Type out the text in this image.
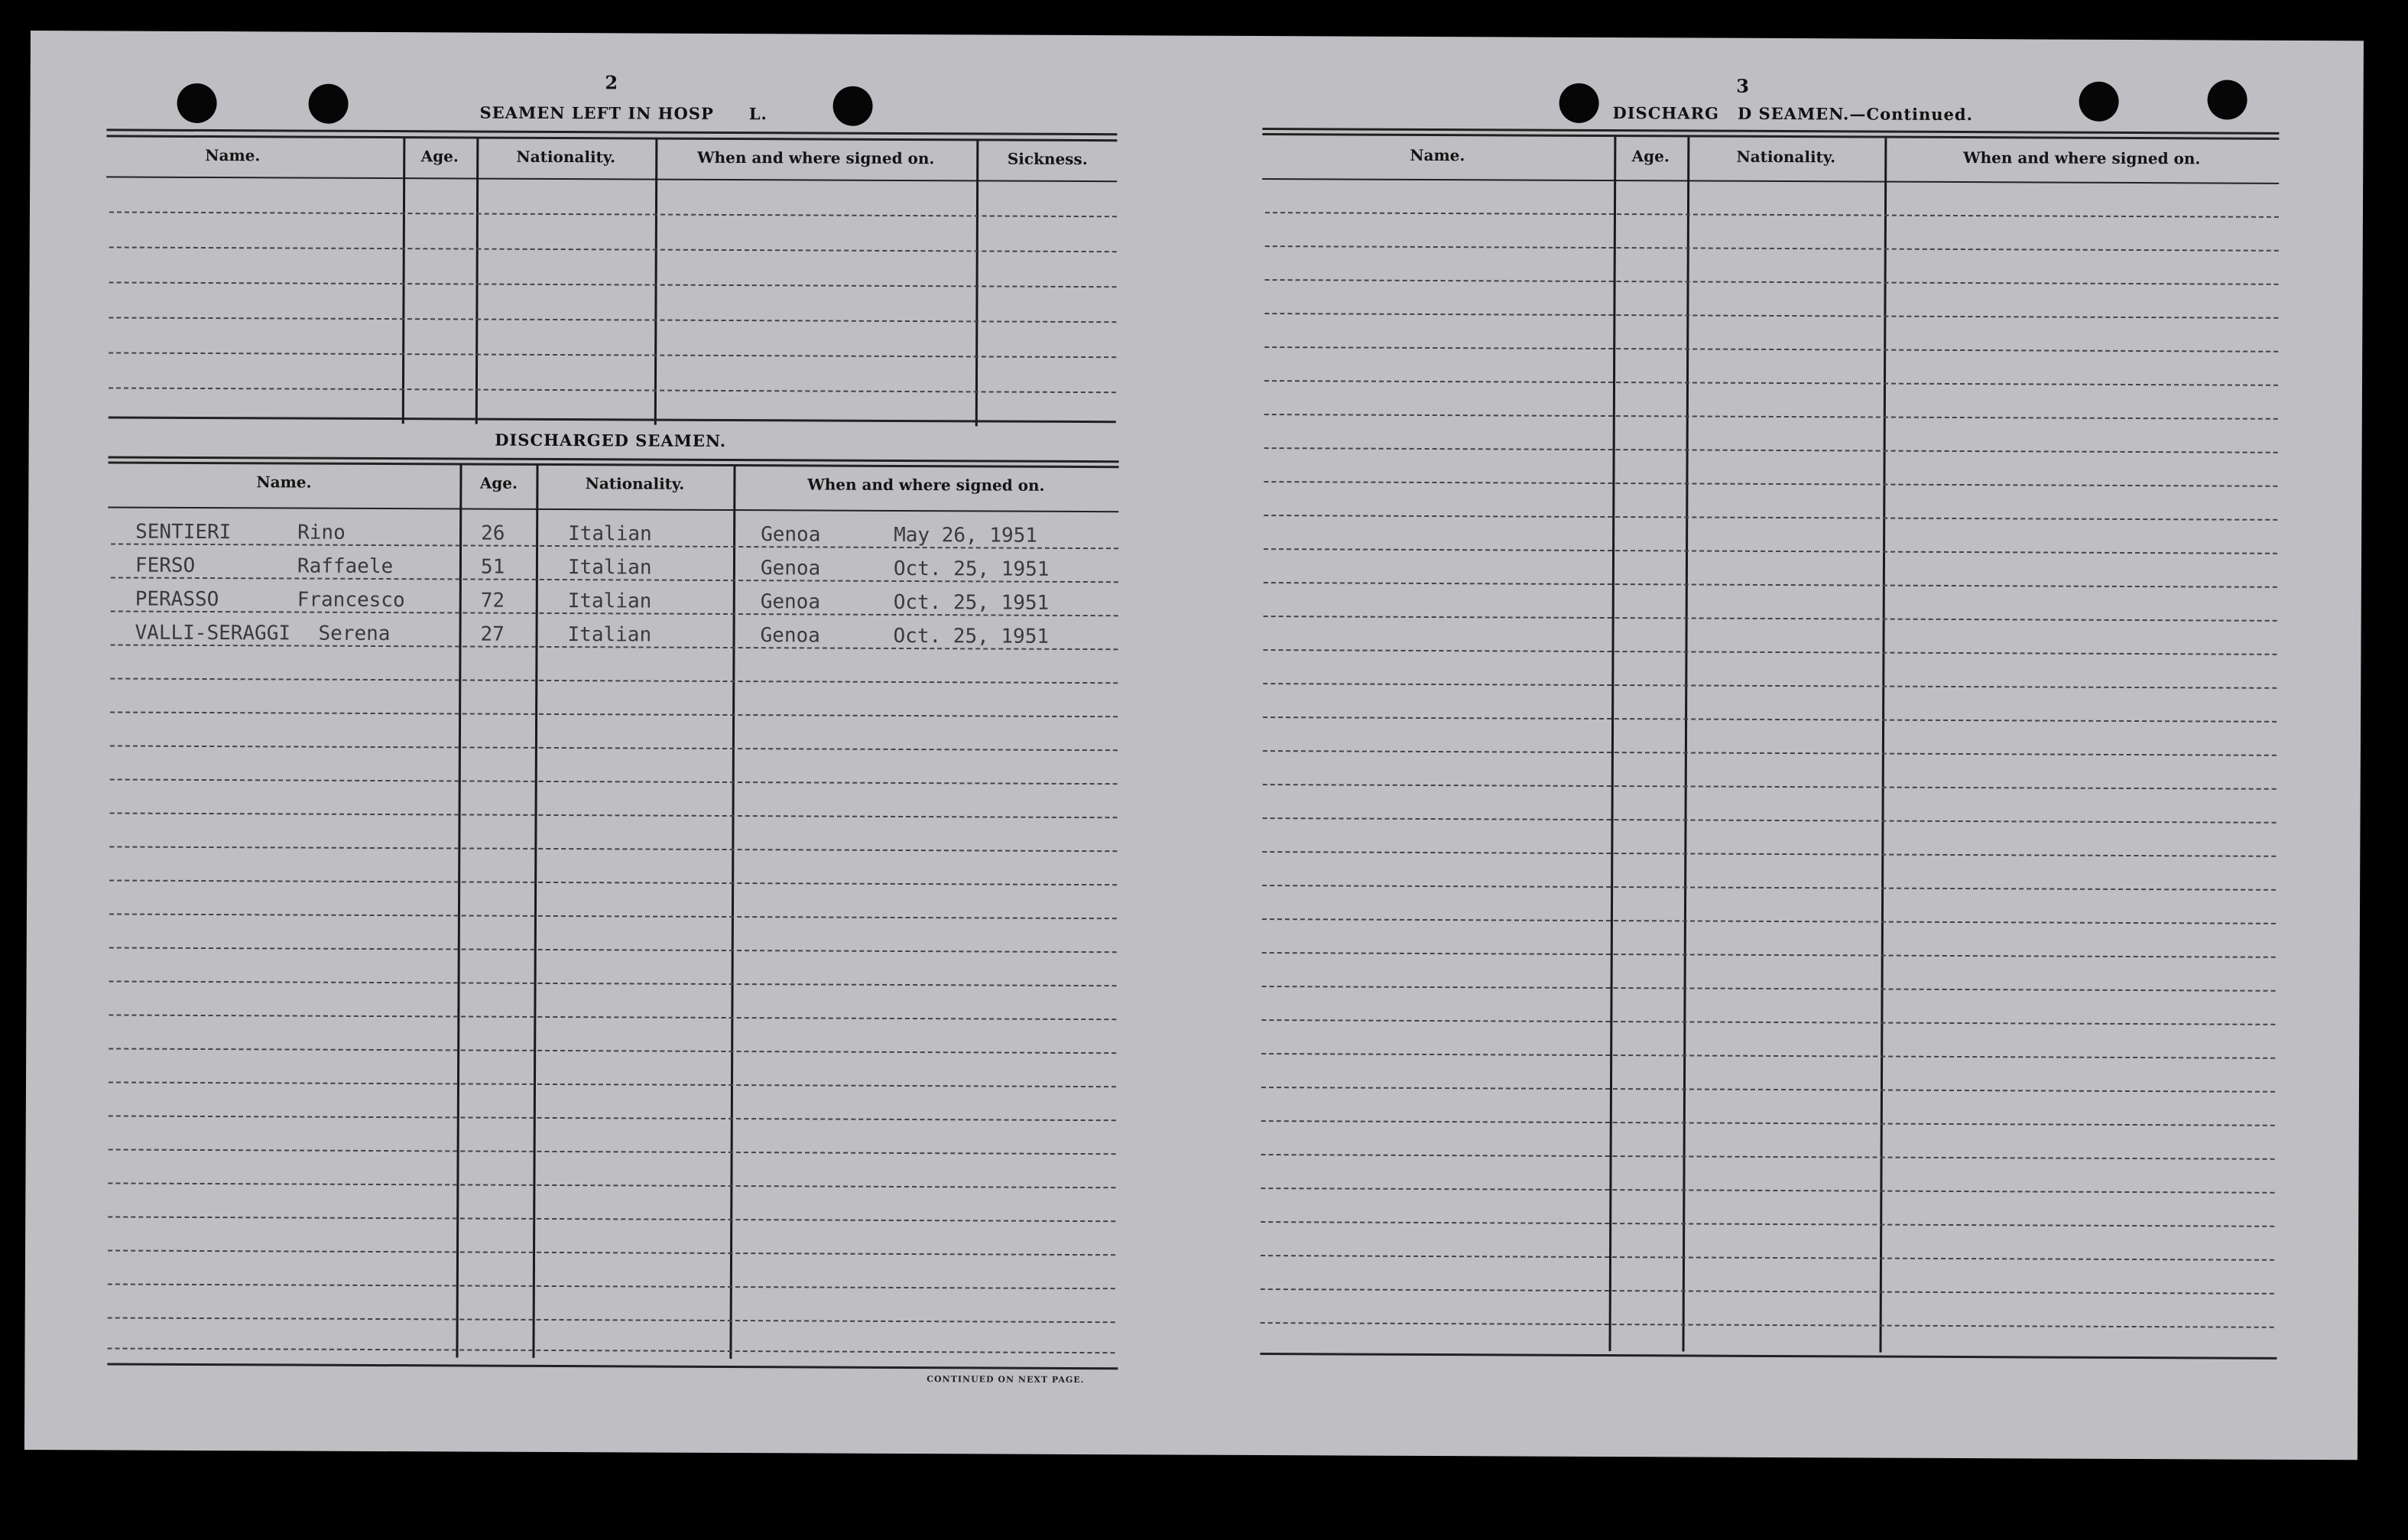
2
SEAMEN LEFT IN HOSP L.
Name.	Age.	Nationality.	When and where signed on.	Sickness.
DISCHARGED SEAMEN.
Name.	Age.	Nationality.	When and where signed on.
SENTIERI	Rino	26	Italian	Genoa	May 26, 1951
FERSO	Raffaele	51	Italian	Genoa	Oct. 25, 1951
PERASSO	Francesco	72	Italian	Genoa	Oct. 25, 1951
VALLI-SERAGGI Serena	27	Italian	Genoa	Oct. 25, 1951
CONTINUED ON NEXT PAGE.
3
DISCHARG D SEAMEN.—Continued.
Name.	Age.	Nationality.	When and where signed on.
